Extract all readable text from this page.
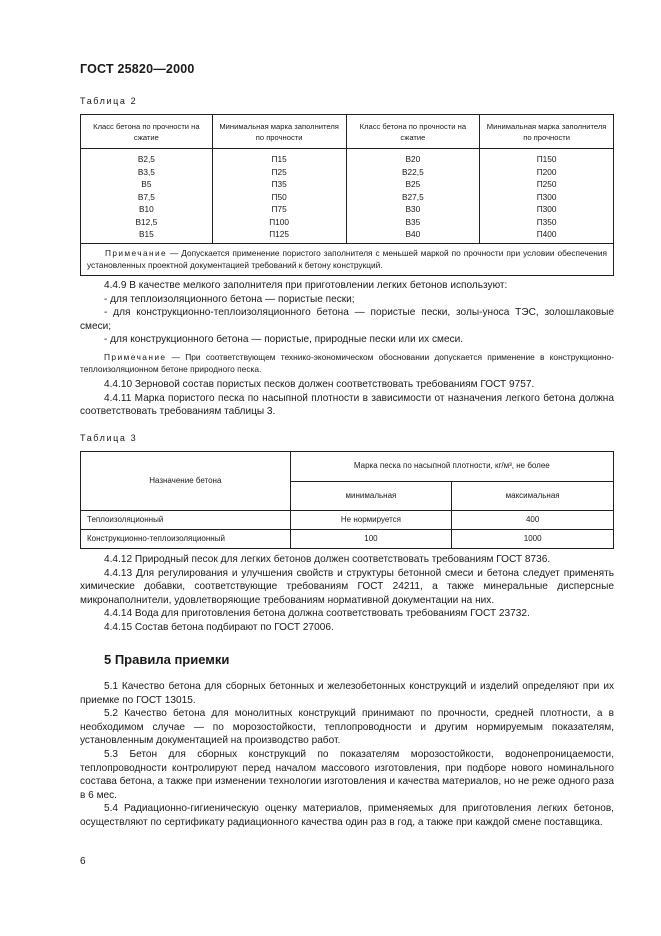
ГОСТ 25820—2000
Таблица 2
Класс бетона по прочности на сжатие	Минимальная марка заполнителя по прочности	Класс бетона по прочности на сжатие	Минимальная марка заполнителя по прочности
B2,5	П15	B20	П150
B3,5	П25	B22,5	П200
B5	П35	B25	П250
B7,5	П50	B27,5	П300
B10	П75	B30	П300
B12,5	П100	B35	П350
B15	П125	B40	П400
Примечание — Допускается применение пористого заполнителя с меньшей маркой по прочности при условии обеспечения установленных проектной документацией требований к бетону конструкций.			

4.4.9 В качестве мелкого заполнителя при приготовлении легких бетонов используют:

- для теплоизоляционного бетона — пористые пески;

- для конструкционно-теплоизоляционного бетона — пористые пески, золы-уноса ТЭС, золошлаковые смеси;

- для конструкционного бетона — пористые, природные пески или их смеси.

Примечание — При соответствующем технико-экономическом обосновании допускается применение в конструкционно-теплоизоляционном бетоне природного песка.

4.4.10 Зерновой состав пористых песков должен соответствовать требованиям ГОСТ 9757.

4.4.11 Марка пористого песка по насыпной плотности в зависимости от назначения легкого бетона должна соответствовать требованиям таблицы 3.

Таблица 3
Назначение бетона	Марка песка по насыпной плотности, кг/м³, не более	
	минимальная	максимальная
Теплоизоляционный	Не нормируется	400
Конструкционно-теплоизоляционный	100	1000

4.4.12 Природный песок для легких бетонов должен соответствовать требованиям ГОСТ 8736.

4.4.13 Для регулирования и улучшения свойств и структуры бетонной смеси и бетона следует применять химические добавки, соответствующие требованиям ГОСТ 24211, а также минеральные дисперсные микронаполнители, удовлетворяющие требованиям нормативной документации на них.

4.4.14 Вода для приготовления бетона должна соответствовать требованиям ГОСТ 23732.

4.4.15 Состав бетона подбирают по ГОСТ 27006.

5 Правила приемки

5.1 Качество бетона для сборных бетонных и железобетонных конструкций и изделий определяют при их приемке по ГОСТ 13015.

5.2 Качество бетона для монолитных конструкций принимают по прочности, средней плотности, а в необходимом случае — по морозостойкости, теплопроводности и другим нормируемым показателям, установленным документацией на производство работ.

5.3 Бетон для сборных конструкций по показателям морозостойкости, водонепроницаемости, теплопроводности контролируют перед началом массового изготовления, при подборе нового номинального состава бетона, а также при изменении технологии изготовления и качества материалов, но не реже одного раза в 6 мес.

5.4 Радиационно-гигиеническую оценку материалов, применяемых для приготовления легких бетонов, осуществляют по сертификату радиационного качества один раз в год, а также при каждой смене поставщика.

6
